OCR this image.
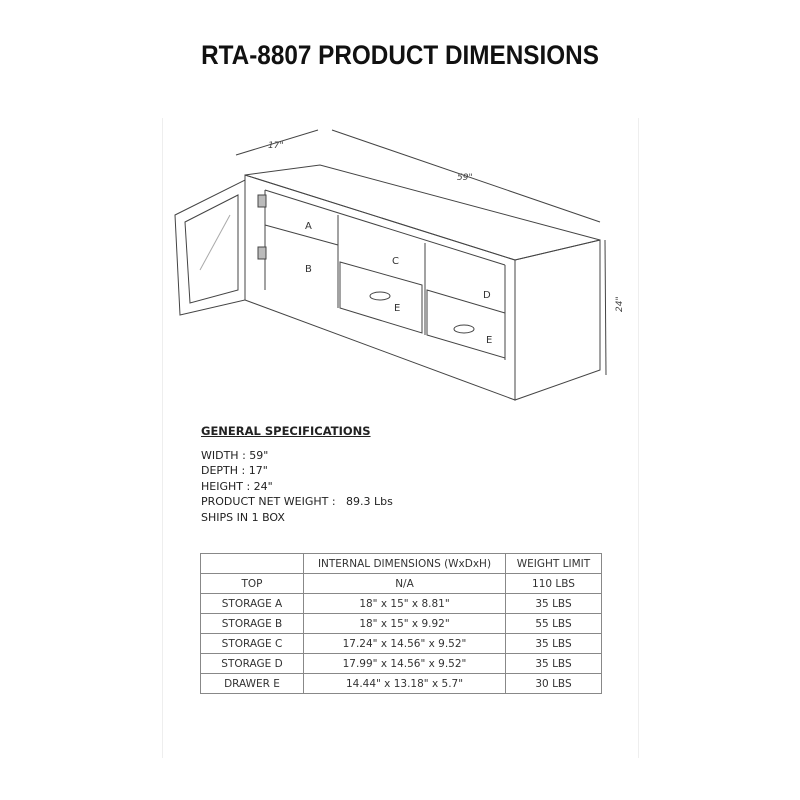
RTA-8807 PRODUCT DIMENSIONS
17"
59"
24"
A
B
C
D
E
E
GENERAL SPECIFICATIONS
WIDTH : 59"
DEPTH : 17"
HEIGHT : 24"
PRODUCT NET WEIGHT :   89.3 Lbs
SHIPS IN 1 BOX
	INTERNAL DIMENSIONS (WxDxH)	WEIGHT LIMIT
TOP	N/A	110 LBS
STORAGE A	18" x 15" x 8.81"	35 LBS
STORAGE B	18" x 15" x 9.92"	55 LBS
STORAGE C	17.24" x 14.56" x 9.52"	35 LBS
STORAGE D	17.99" x 14.56" x 9.52"	35 LBS
DRAWER E	14.44" x 13.18" x 5.7"	30 LBS
